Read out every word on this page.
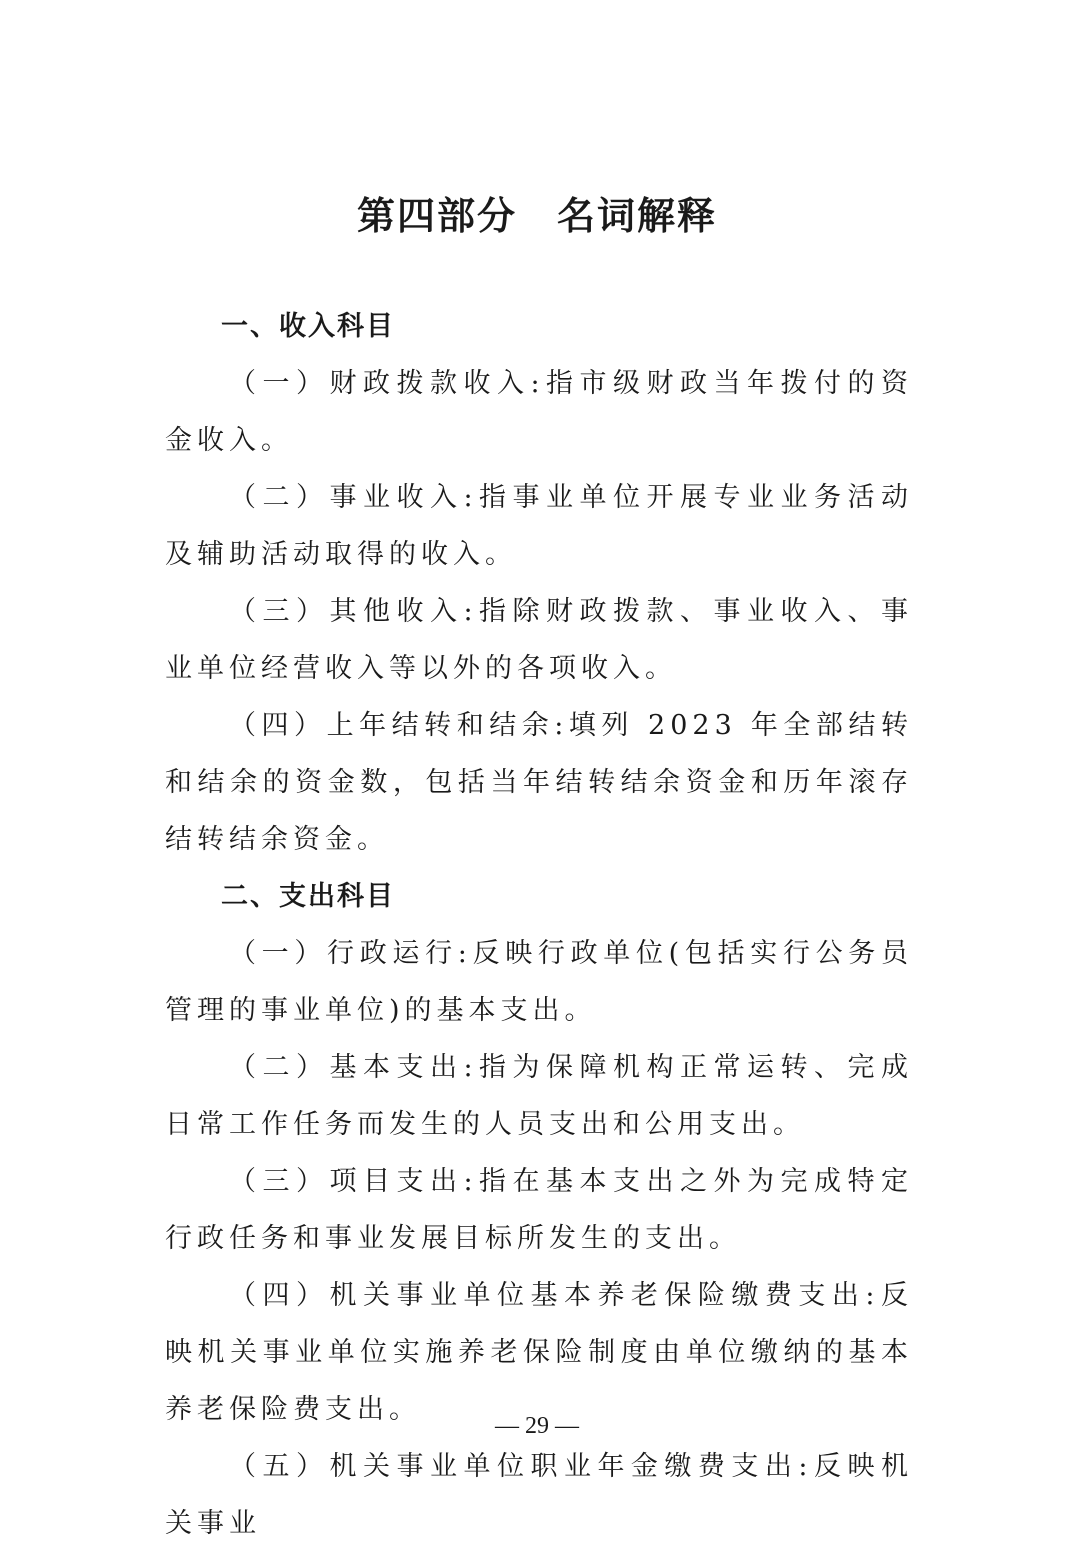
第四部分　名词解释

一、收入科目

（一）财政拨款收入:指市级财政当年拨付的资金收入。

（二）事业收入:指事业单位开展专业业务活动及辅助活动取得的收入。

（三）其他收入:指除财政拨款、事业收入、事业单位经营收入等以外的各项收入。

（四）上年结转和结余:填列 2023 年全部结转和结余的资金数，包括当年结转结余资金和历年滚存结转结余资金。

二、支出科目

（一）行政运行:反映行政单位(包括实行公务员管理的事业单位)的基本支出。

（二）基本支出:指为保障机构正常运转、完成日常工作任务而发生的人员支出和公用支出。

（三）项目支出:指在基本支出之外为完成特定行政任务和事业发展目标所发生的支出。

（四）机关事业单位基本养老保险缴费支出:反映机关事业单位实施养老保险制度由单位缴纳的基本养老保险费支出。

（五）机关事业单位职业年金缴费支出:反映机关事业

— 29 —
